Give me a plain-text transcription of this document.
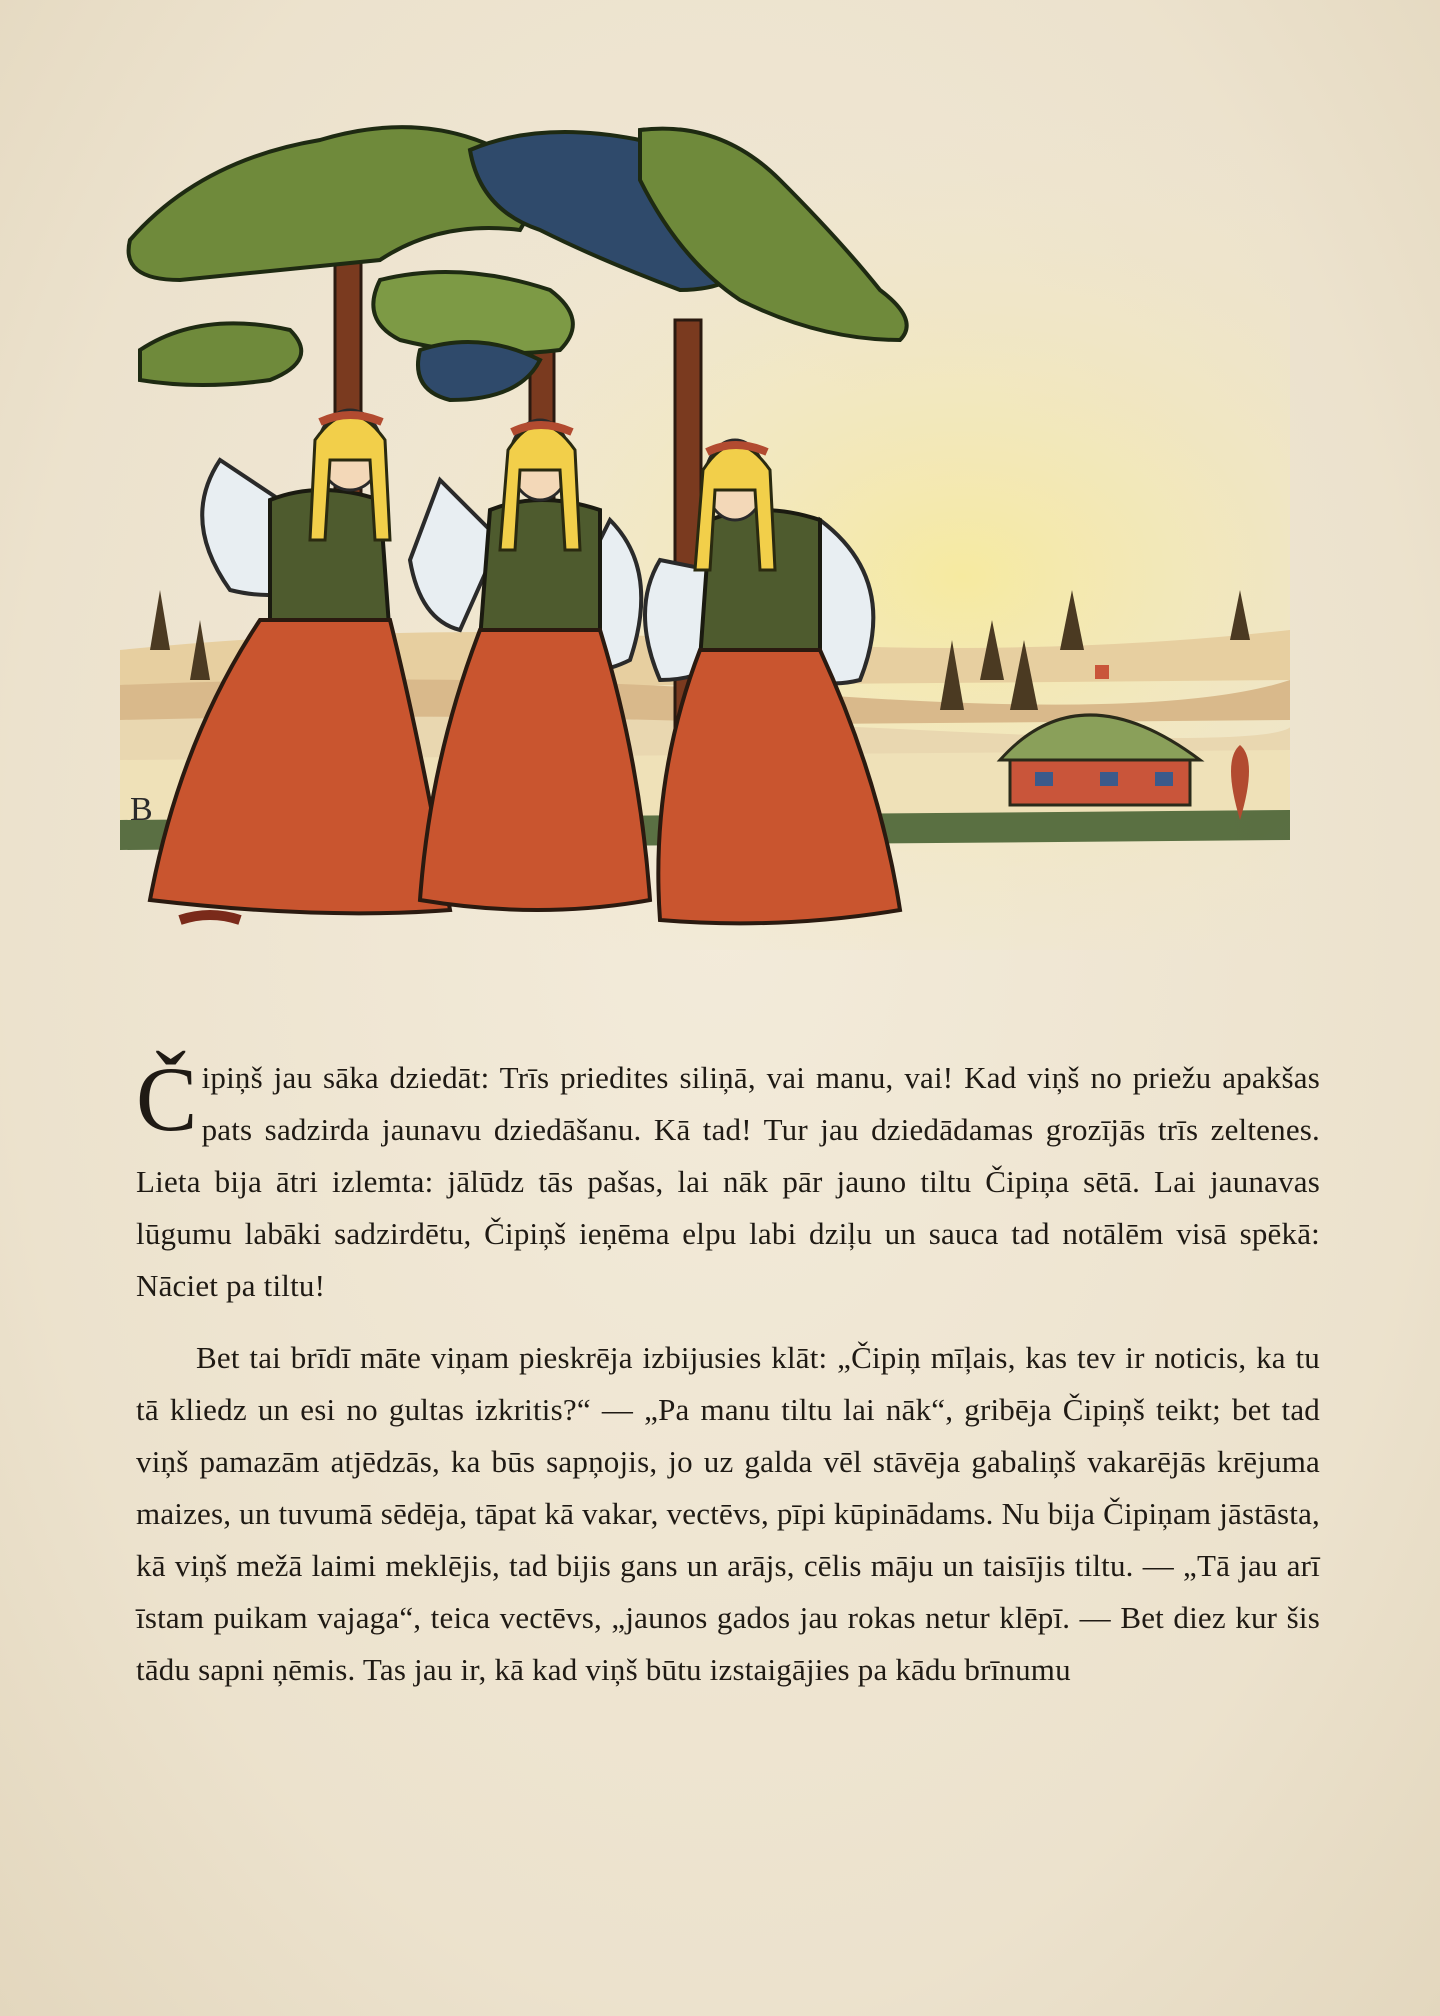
B

Čipiņš jau sāka dziedāt: Trīs priedites siliņā, vai manu, vai! Kad viņš no priežu apakšas pats sadzirda jaunavu dziedāšanu. Kā tad! Tur jau dziedādamas grozījās trīs zeltenes. Lieta bija ātri izlemta: jālūdz tās pašas, lai nāk pār jauno tiltu Čipiņa sētā. Lai jaunavas lūgumu labāki sadzirdētu, Čipiņš ieņēma elpu labi dziļu un sauca tad notālēm visā spēkā: Nāciet pa tiltu!

Bet tai brīdī māte viņam pieskrēja izbijusies klāt: „Čipiņ mīļais, kas tev ir noticis, ka tu tā kliedz un esi no gultas izkritis?“ — „Pa manu tiltu lai nāk“, gribēja Čipiņš teikt; bet tad viņš pamazām atjēdzās, ka būs sapņojis, jo uz galda vēl stāvēja gabaliņš vakarējās krējuma maizes, un tuvumā sēdēja, tāpat kā vakar, vectēvs, pīpi kūpinādams. Nu bija Čipiņam jāstāsta, kā viņš mežā laimi meklējis, tad bijis gans un arājs, cēlis māju un taisījis tiltu. — „Tā jau arī īstam puikam vajaga“, teica vectēvs, „jaunos gados jau rokas netur klēpī. — Bet diez kur šis tādu sapni ņēmis. Tas jau ir, kā kad viņš būtu izstaigājies pa kādu brīnumu
